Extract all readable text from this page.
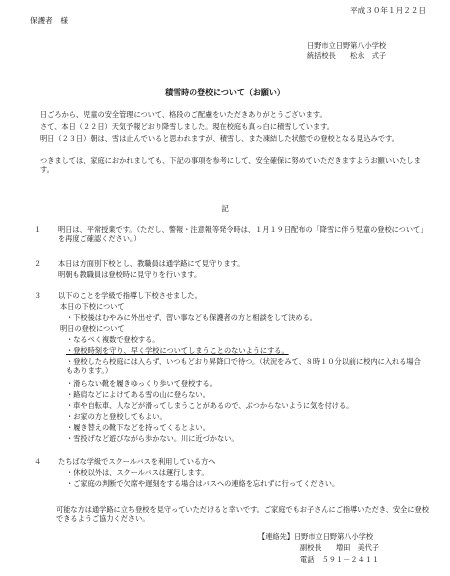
平成３０年１月２２日
保護者　様
日野市立日野第八小学校
統括校長　　松永　式子
積雪時の登校について（お願い）
日ごろから、児童の安全管理について、格段のご配慮をいただきありがとうございます。
さて、本日（２２日）天気予報どおり降雪しました。現在校庭も真っ白に積雪しています。
明日（２３日）朝は、雪は止んでいると思われますが、積雪し、また凍結した状態での登校となる見込みです。
つきましては、家庭におかれましても、下記の事項を参考にして、安全確保に努めていただきますようお願いいたします。
記
１ 明日は、平常授業です。（ただし、警報・注意報等発令時は、１月１９日配布の「降雪に伴う児童の登校について」を再度ご確認ください。）
２ 本日は方面別下校とし、教職員は通学路にて見守ります。
明朝も教職員は登校時に見守りを行います。
３ 以下のことを学級で指導し下校させました。
本日の下校について
・下校後はむやみに外出せず、習い事なども保護者の方と相談をして決める。
明日の登校について
・なるべく複数で登校する。
・登校時刻を守り、早く学校についてしまうことのないようにする。
・登校したら校庭には入らず、いつもどおり昇降口で待つ。（状況をみて、８時１０分以前に校内に入れる場合もあります。）
・滑らない靴を履きゆっくり歩いて登校する。
・路肩などによけてある雪の山に登らない。
・車や自転車、人などが滑ってしまうことがあるので、ぶつからないように気を付ける。
・お家の方と登校してもよい。
・履き替えの靴下などを持ってくるとよい。
・雪投げなど遊びながら歩かない。川に近づかない。
４ たちばな学級でスクールバスを利用している方へ
・休校以外は、スクールバスは運行します。
・ご家庭の判断で欠席や遅刻をする場合はバスへの連絡を忘れずに行ってください。
可能な方は通学路に立ち登校を見守っていただけると幸いです。ご家庭でもお子さんにご指導いただき、安全に登校できるようご協力ください。
【連絡先】日野市立日野第八小学校
副校長　　増田　美代子
電話　５９１－２４１１
